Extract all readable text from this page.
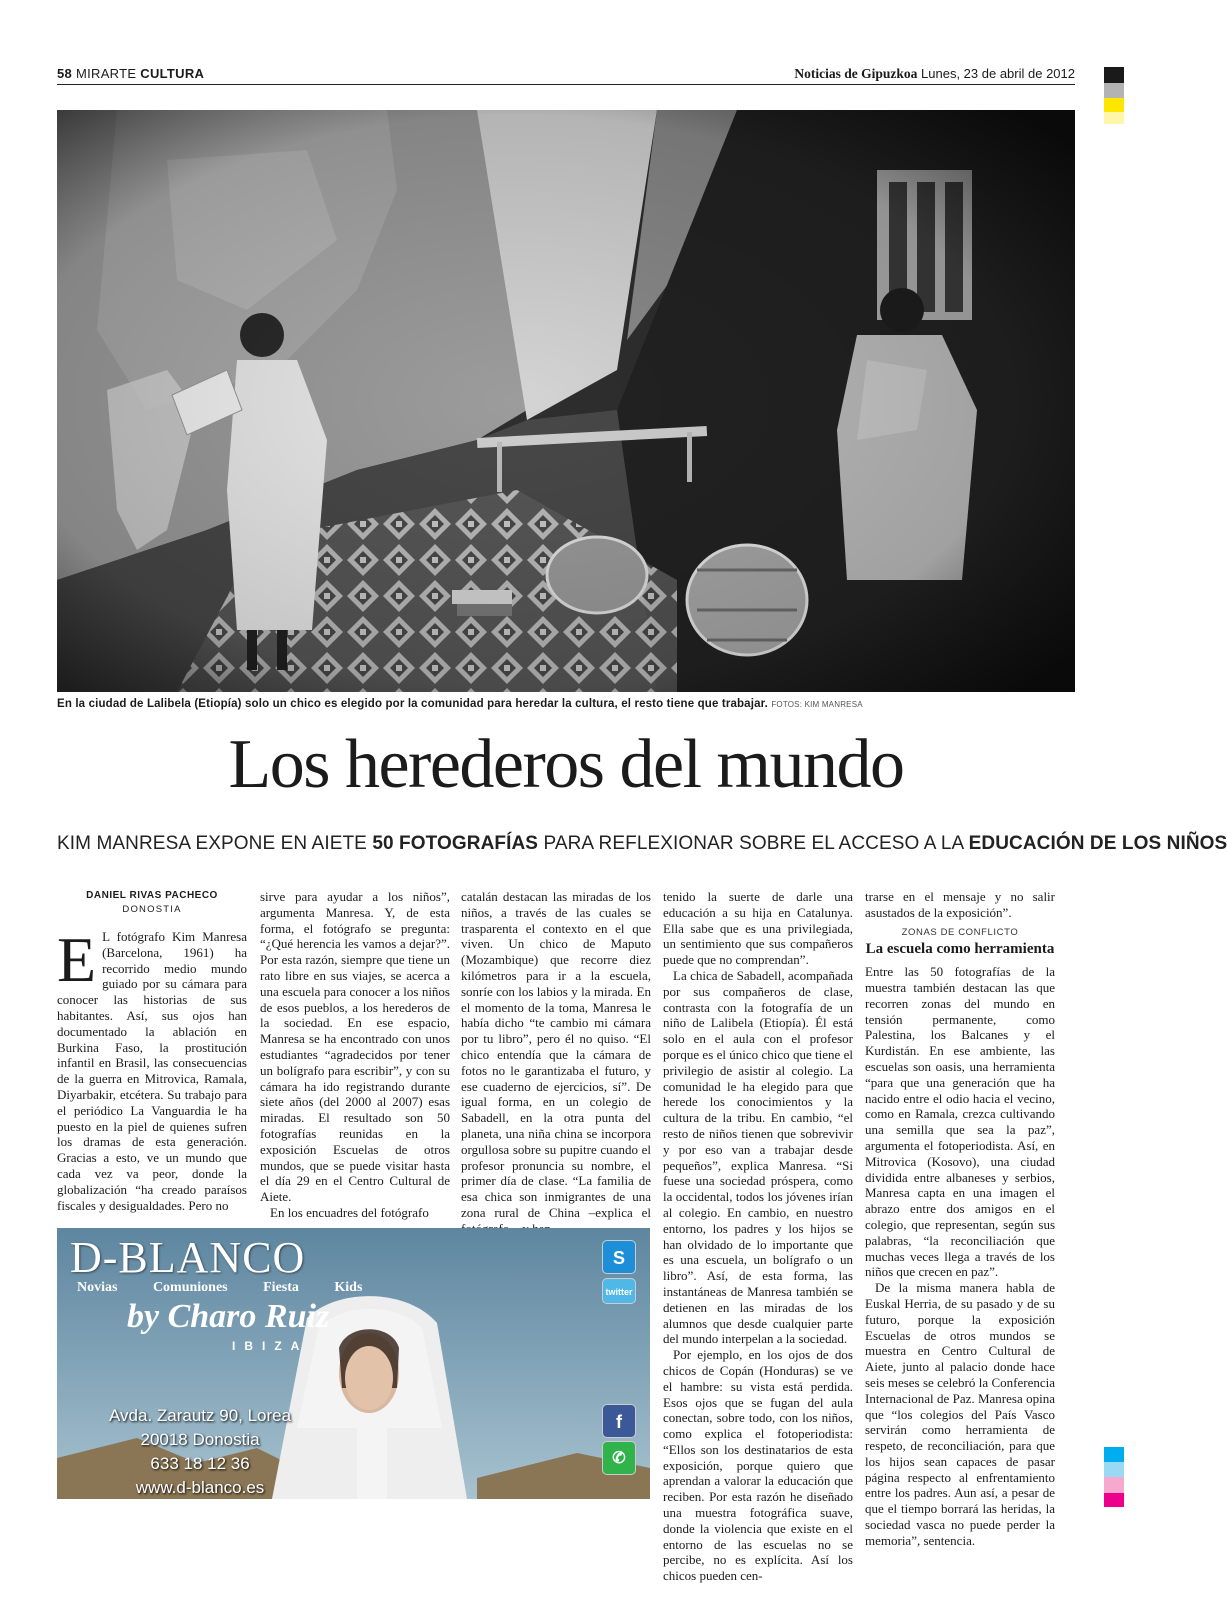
58 MIRARTE CULTURA	Noticias de Gipuzkoa Lunes, 23 de abril de 2012
En la ciudad de Lalibela (Etiopía) solo un chico es elegido por la comunidad para heredar la cultura, el resto tiene que trabajar. FOTOS: KIM MANRESA
Los herederos del mundo
KIM MANRESA EXPONE EN AIETE 50 FOTOGRAFÍAS PARA REFLEXIONAR SOBRE EL ACCESO A LA EDUCACIÓN DE LOS NIÑOS
DANIEL RIVAS PACHECO
DONOSTIA

E L fotógrafo Kim Manresa (Barcelona, 1961) ha recorrido medio mundo guiado por su cámara para conocer las historias de sus habitantes. Así, sus ojos han documentado la ablación en Burkina Faso, la prostitución infantil en Brasil, las consecuencias de la guerra en Mitrovica, Ramala, Diyarbakir, etcétera. Su trabajo para el periódico La Vanguardia le ha puesto en la piel de quienes sufren los dramas de esta generación. Gracias a esto, ve un mundo que cada vez va peor, donde la globalización “ha creado paraísos fiscales y desigualdades. Pero no

sirve para ayudar a los niños”, argumenta Manresa. Y, de esta forma, el fotógrafo se pregunta: “¿Qué herencia les vamos a dejar?”. Por esta razón, siempre que tiene un rato libre en sus viajes, se acerca a una escuela para conocer a los niños de esos pueblos, a los herederos de la sociedad. En ese espacio, Manresa se ha encontrado con unos estudiantes “agradecidos por tener un bolígrafo para escribir”, y con su cámara ha ido registrando durante siete años (del 2000 al 2007) esas miradas. El resultado son 50 fotografías reunidas en la exposición Escuelas de otros mundos, que se puede visitar hasta el día 29 en el Centro Cultural de Aiete.

En los encuadres del fotógrafo

catalán destacan las miradas de los niños, a través de las cuales se trasparenta el contexto en el que viven. Un chico de Maputo (Mozambique) que recorre diez kilómetros para ir a la escuela, sonríe con los labios y la mirada. En el momento de la toma, Manresa le había dicho “te cambio mi cámara por tu libro”, pero él no quiso. “El chico entendía que la cámara de fotos no le garantizaba el futuro, y ese cuaderno de ejercicios, sí”. De igual forma, en un colegio de Sabadell, en la otra punta del planeta, una niña china se incorpora orgullosa sobre su pupitre cuando el profesor pronuncia su nombre, el primer día de clase. “La familia de esa chica son inmigrantes de una zona rural de China –explica el

tenido la suerte de darle una educación a su hija en Catalunya. Ella sabe que es una privilegiada, un sentimiento que sus compañeros puede que no comprendan”.

La chica de Sabadell, acompañada por sus compañeros de clase, contrasta con la fotografía de un niño de Lalibela (Etiopía). Él está solo en el aula con el profesor porque es el único chico que tiene el privilegio de asistir al colegio. La comunidad le ha elegido para que herede los conocimientos y la cultura de la tribu. En cambio, “el resto de niños tienen que sobrevivir y por eso van a trabajar desde pequeños”, explica Manresa. “Si fuese una sociedad próspera, como la occidental, todos los jóvenes irían al colegio. En cambio, en nuestro entorno, los padres y los hijos se han olvidado de lo importante que es una escuela, un bolígrafo o un libro”. Así, de esta forma, las instantáneas de Manresa también se detienen en las miradas de los alumnos que desde cualquier parte del mundo interpelan a la sociedad.

Por ejemplo, en los ojos de dos chicos de Copán (Honduras) se ve el hambre: su vista está perdida. Esos ojos que se fugan del aula conectan, sobre todo, con los niños, como explica el fotoperiodista: “Ellos son los destinatarios de esta exposición, porque quiero que aprendan a valorar la educación que reciben. Por esta razón he diseñado una muestra fotográfica suave, donde la violencia que existe en el entorno de las escuelas no se percibe, no es explícita. Así los chicos pueden cen-

trarse en el mensaje y no salir asustados de la exposición”.

ZONAS DE CONFLICTO
La escuela como herramienta

Entre las 50 fotografías de la muestra también destacan las que recorren zonas del mundo en tensión permanente, como Palestina, los Balcanes y el Kurdistán. En ese ambiente, las escuelas son oasis, una herramienta “para que una generación que ha nacido entre el odio hacia el vecino, como en Ramala, crezca cultivando una semilla que sea la paz”, argumenta el fotoperiodista. Así, en Mitrovica (Kosovo), una ciudad dividida entre albaneses y serbios, Manresa capta en una imagen el abrazo entre dos amigos en el colegio, que representan, según sus palabras, “la reconciliación que muchas veces llega a través de los niños que crecen en paz”.

De la misma manera habla de Euskal Herria, de su pasado y de su futuro, porque la exposición Escuelas de otros mundos se muestra en Centro Cultural de Aiete, junto al palacio donde hace seis meses se celebró la Conferencia Internacional de Paz. Manresa opina que “los colegios del País Vasco servirán como herramienta de respeto, de reconciliación, para que los hijos sean capaces de pasar página respecto al enfrentamiento entre los padres. Aun así, a pesar de que el tiempo borrará las heridas, la sociedad vasca no puede perder la memoria”, sentencia.

D-BLANCO
Novias Comuniones Fiesta Kids
by Charo Ruiz
IBIZA
Avda. Zarautz 90, Lorea
20018 Donostia
633 18 12 36
www.d-blanco.es
S
twitter
f
✆
